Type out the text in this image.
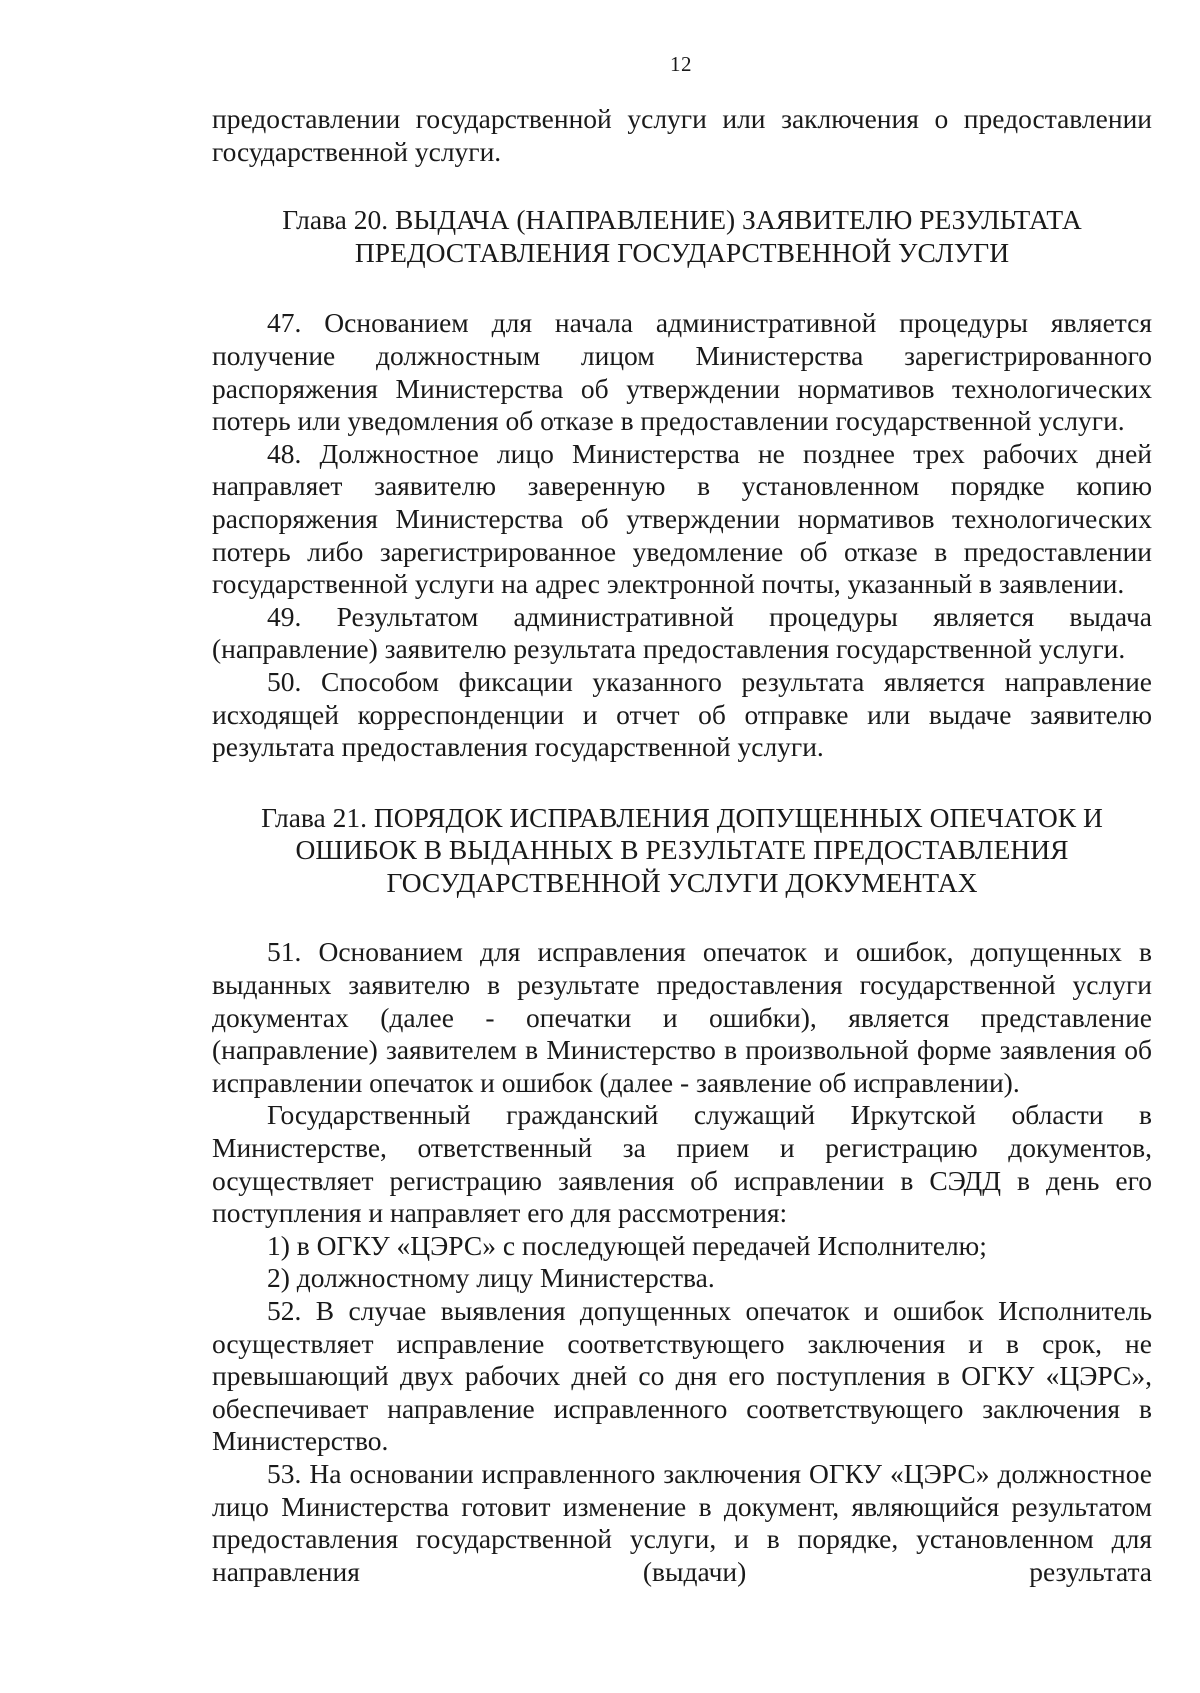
12

предоставлении государственной услуги или заключения о предоставлении государственной услуги.

Глава 20. ВЫДАЧА (НАПРАВЛЕНИЕ) ЗАЯВИТЕЛЮ РЕЗУЛЬТАТА
ПРЕДОСТАВЛЕНИЯ ГОСУДАРСТВЕННОЙ УСЛУГИ

47. Основанием для начала административной процедуры является получение должностным лицом Министерства зарегистрированного распоряжения Министерства об утверждении нормативов технологических потерь или уведомления об отказе в предоставлении государственной услуги.

48. Должностное лицо Министерства не позднее трех рабочих дней направляет заявителю заверенную в установленном порядке копию распоряжения Министерства об утверждении нормативов технологических потерь либо зарегистрированное уведомление об отказе в предоставлении государственной услуги на адрес электронной почты, указанный в заявлении.

49. Результатом административной процедуры является выдача (направление) заявителю результата предоставления государственной услуги.

50. Способом фиксации указанного результата является направление исходящей корреспонденции и отчет об отправке или выдаче заявителю результата предоставления государственной услуги.

Глава 21. ПОРЯДОК ИСПРАВЛЕНИЯ ДОПУЩЕННЫХ ОПЕЧАТОК И
ОШИБОК В ВЫДАННЫХ В РЕЗУЛЬТАТЕ ПРЕДОСТАВЛЕНИЯ
ГОСУДАРСТВЕННОЙ УСЛУГИ ДОКУМЕНТАХ

51. Основанием для исправления опечаток и ошибок, допущенных в выданных заявителю в результате предоставления государственной услуги документах (далее - опечатки и ошибки), является представление (направление) заявителем в Министерство в произвольной форме заявления об исправлении опечаток и ошибок (далее - заявление об исправлении).

Государственный гражданский служащий Иркутской области в Министерстве, ответственный за прием и регистрацию документов, осуществляет регистрацию заявления об исправлении в СЭДД в день его поступления и направляет его для рассмотрения:

1) в ОГКУ «ЦЭРС» с последующей передачей Исполнителю;

2) должностному лицу Министерства.

52. В случае выявления допущенных опечаток и ошибок Исполнитель осуществляет исправление соответствующего заключения и в срок, не превышающий двух рабочих дней со дня его поступления в ОГКУ «ЦЭРС», обеспечивает направление исправленного соответствующего заключения в Министерство.

53. На основании исправленного заключения ОГКУ «ЦЭРС» должностное лицо Министерства готовит изменение в документ, являющийся результатом предоставления государственной услуги, и в порядке, установленном для направления (выдачи) результата
